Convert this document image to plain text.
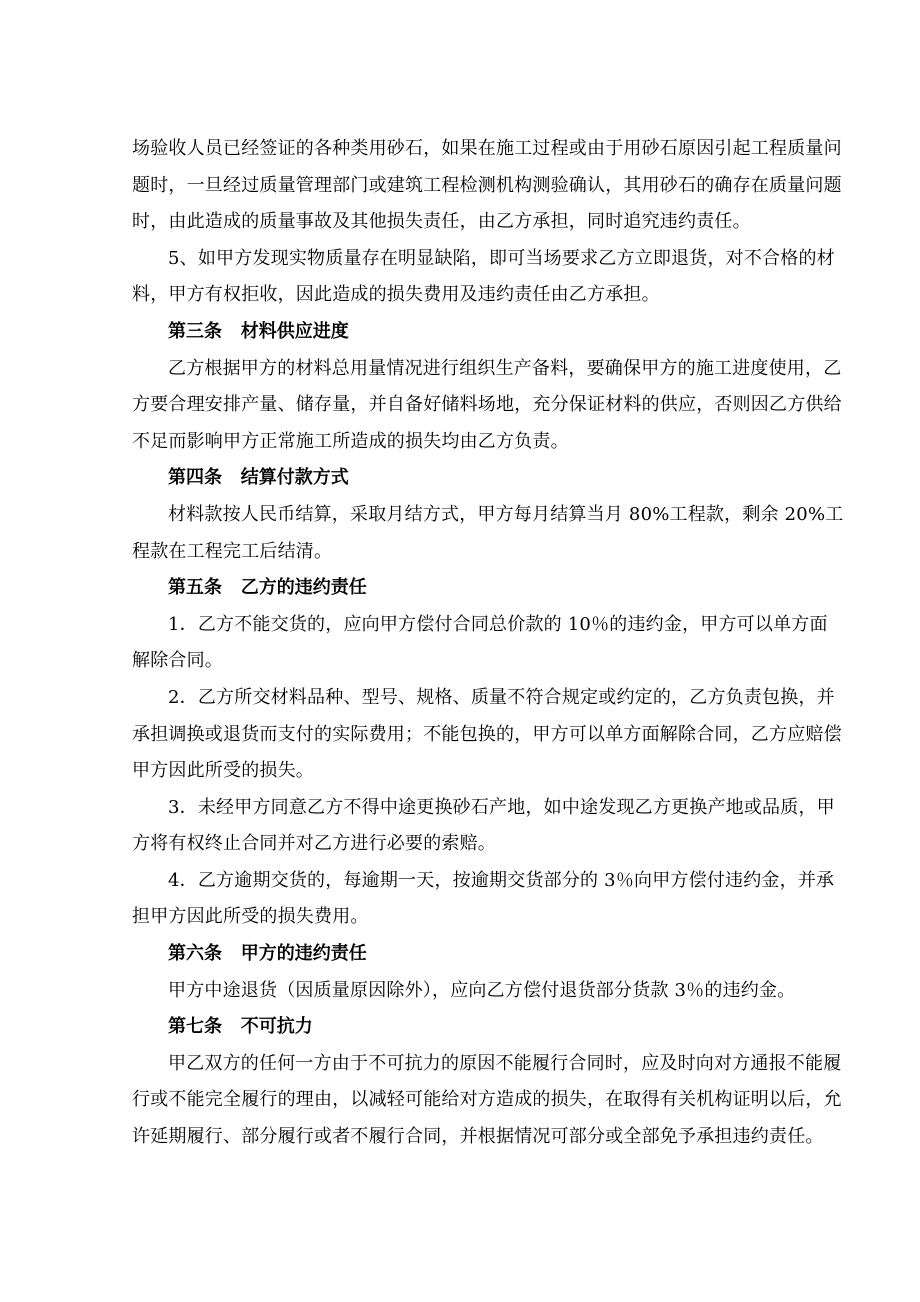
场验收人员已经签证的各种类用砂石，如果在施工过程或由于用砂石原因引起工程质量问题时，一旦经过质量管理部门或建筑工程检测机构测验确认，其用砂石的确存在质量问题时，由此造成的质量事故及其他损失责任，由乙方承担，同时追究违约责任。

5、如甲方发现实物质量存在明显缺陷，即可当场要求乙方立即退货，对不合格的材料，甲方有权拒收，因此造成的损失费用及违约责任由乙方承担。

第三条   材料供应进度

乙方根据甲方的材料总用量情况进行组织生产备料，要确保甲方的施工进度使用，乙方要合理安排产量、储存量，并自备好储料场地，充分保证材料的供应，否则因乙方供给不足而影响甲方正常施工所造成的损失均由乙方负责。

第四条   结算付款方式

材料款按人民币结算，采取月结方式，甲方每月结算当月 80%工程款，剩余 20%工程款在工程完工后结清。

第五条   乙方的违约责任

1．乙方不能交货的，应向甲方偿付合同总价款的 10％的违约金，甲方可以单方面解除合同。

2．乙方所交材料品种、型号、规格、质量不符合规定或约定的，乙方负责包换，并承担调换或退货而支付的实际费用；不能包换的，甲方可以单方面解除合同，乙方应赔偿甲方因此所受的损失。

3．未经甲方同意乙方不得中途更换砂石产地，如中途发现乙方更换产地或品质，甲方将有权终止合同并对乙方进行必要的索赔。

4．乙方逾期交货的，每逾期一天，按逾期交货部分的 3％向甲方偿付违约金，并承担甲方因此所受的损失费用。

第六条   甲方的违约责任

甲方中途退货（因质量原因除外），应向乙方偿付退货部分货款 3％的违约金。

第七条   不可抗力

甲乙双方的任何一方由于不可抗力的原因不能履行合同时，应及时向对方通报不能履行或不能完全履行的理由，以减轻可能给对方造成的损失，在取得有关机构证明以后，允许延期履行、部分履行或者不履行合同，并根据情况可部分或全部免予承担违约责任。
